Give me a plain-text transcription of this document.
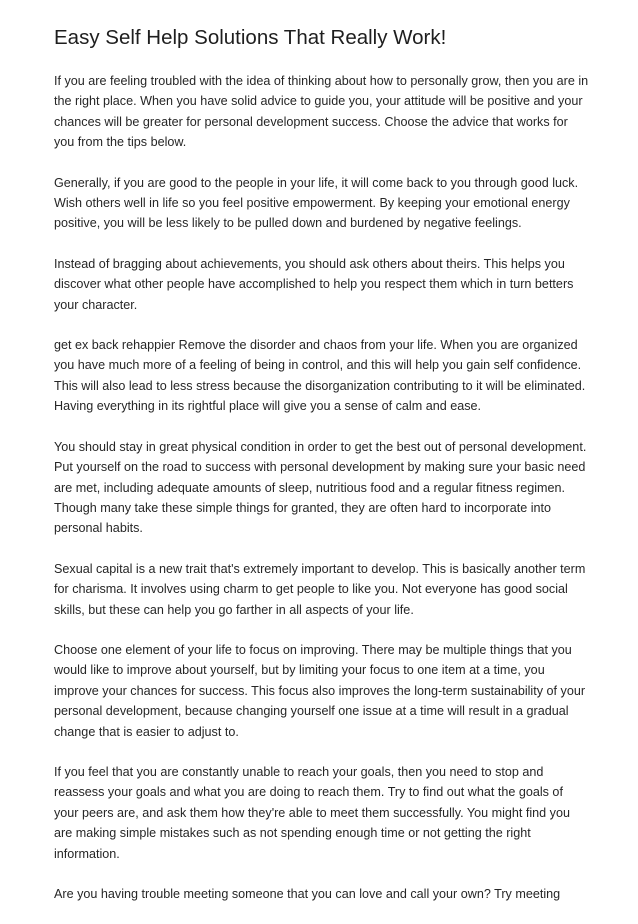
Easy Self Help Solutions That Really Work!

If you are feeling troubled with the idea of thinking about how to personally grow, then you are in the right place. When you have solid advice to guide you, your attitude will be positive and your chances will be greater for personal development success. Choose the advice that works for you from the tips below.

Generally, if you are good to the people in your life, it will come back to you through good luck. Wish others well in life so you feel positive empowerment. By keeping your emotional energy positive, you will be less likely to be pulled down and burdened by negative feelings.

Instead of bragging about achievements, you should ask others about theirs. This helps you discover what other people have accomplished to help you respect them which in turn betters your character.

get ex back rehappier Remove the disorder and chaos from your life. When you are organized you have much more of a feeling of being in control, and this will help you gain self confidence. This will also lead to less stress because the disorganization contributing to it will be eliminated. Having everything in its rightful place will give you a sense of calm and ease.

You should stay in great physical condition in order to get the best out of personal development. Put yourself on the road to success with personal development by making sure your basic need are met, including adequate amounts of sleep, nutritious food and a regular fitness regimen. Though many take these simple things for granted, they are often hard to incorporate into personal habits.

Sexual capital is a new trait that's extremely important to develop. This is basically another term for charisma. It involves using charm to get people to like you. Not everyone has good social skills, but these can help you go farther in all aspects of your life.

Choose one element of your life to focus on improving. There may be multiple things that you would like to improve about yourself, but by limiting your focus to one item at a time, you improve your chances for success. This focus also improves the long-term sustainability of your personal development, because changing yourself one issue at a time will result in a gradual change that is easier to adjust to.

If you feel that you are constantly unable to reach your goals, then you need to stop and reassess your goals and what you are doing to reach them. Try to find out what the goals of your peers are, and ask them how they're able to meet them successfully. You might find you are making simple mistakes such as not spending enough time or not getting the right information.

Are you having trouble meeting someone that you can love and call your own? Try meeting
